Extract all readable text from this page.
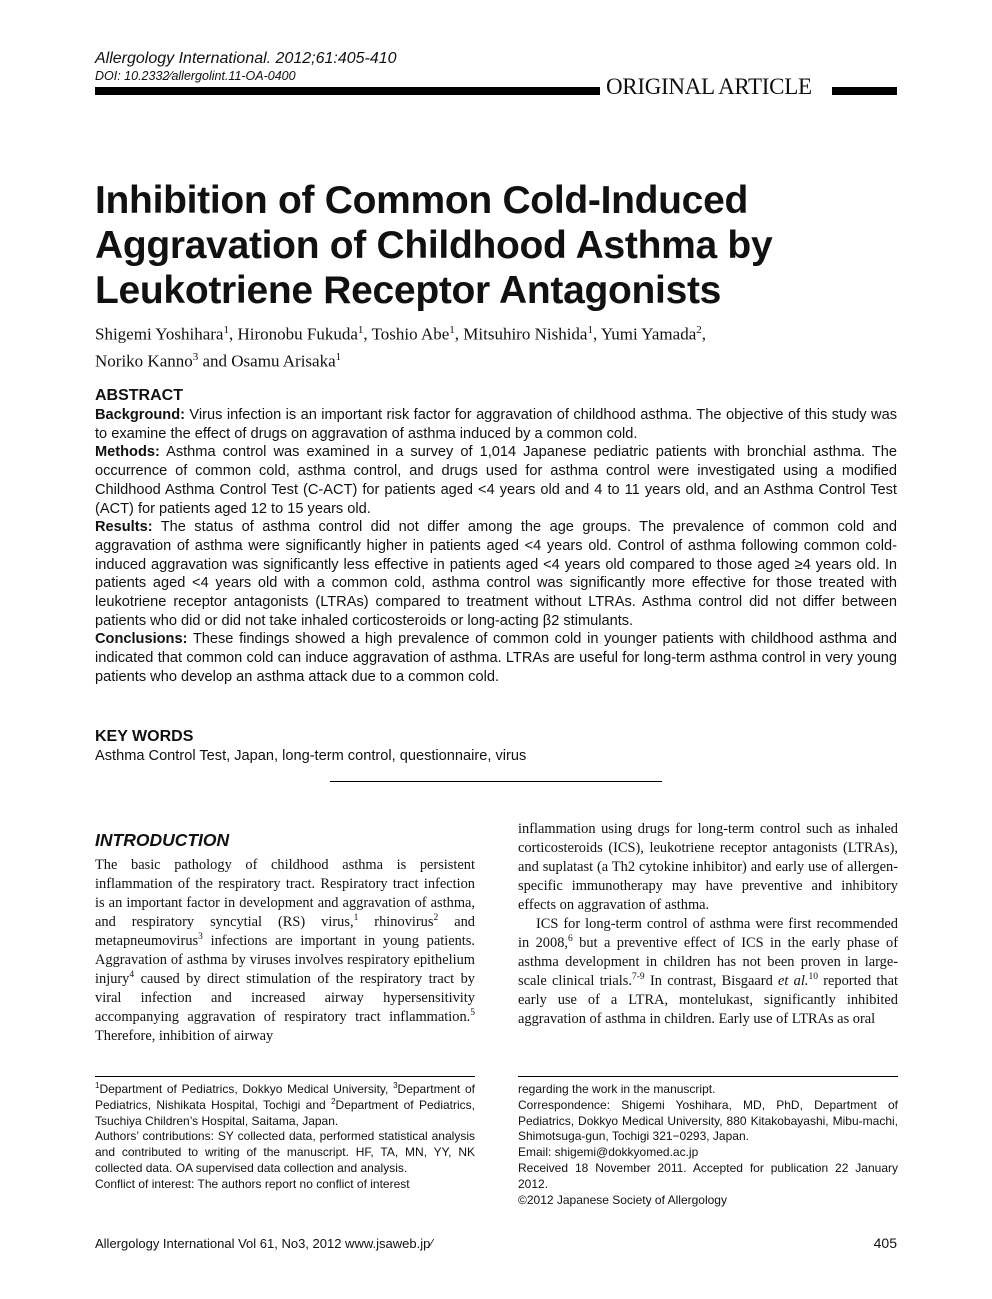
Allergology International. 2012;61:405-410
DOI: 10.2332⁄allergolint.11-OA-0400	ORIGINAL ARTICLE
Inhibition of Common Cold-Induced
Aggravation of Childhood Asthma by
Leukotriene Receptor Antagonists
Shigemi Yoshihara$^1$, Hironobu Fukuda$^1$, Toshio Abe$^1$, Mitsuhiro Nishida$^1$, Yumi Yamada$^2$,
Noriko Kanno$^3$ and Osamu Arisaka$^1$
ABSTRACT

Background: Virus infection is an important risk factor for aggravation of childhood asthma. The objective of this study was to examine the effect of drugs on aggravation of asthma induced by a common cold.

Methods: Asthma control was examined in a survey of 1,014 Japanese pediatric patients with bronchial asthma. The occurrence of common cold, asthma control, and drugs used for asthma control were investigated using a modified Childhood Asthma Control Test (C-ACT) for patients aged <4 years old and 4 to 11 years old, and an Asthma Control Test (ACT) for patients aged 12 to 15 years old.

Results: The status of asthma control did not differ among the age groups. The prevalence of common cold and aggravation of asthma were significantly higher in patients aged <4 years old. Control of asthma following common cold-induced aggravation was significantly less effective in patients aged <4 years old compared to those aged ≥4 years old. In patients aged <4 years old with a common cold, asthma control was significantly more effective for those treated with leukotriene receptor antagonists (LTRAs) compared to treatment without LTRAs. Asthma control did not differ between patients who did or did not take inhaled corticosteroids or long-acting β2 stimulants.

Conclusions: These findings showed a high prevalence of common cold in younger patients with childhood asthma and indicated that common cold can induce aggravation of asthma. LTRAs are useful for long-term asthma control in very young patients who develop an asthma attack due to a common cold.

KEY WORDS

Asthma Control Test, Japan, long-term control, questionnaire, virus

INTRODUCTION

The basic pathology of childhood asthma is persistent inflammation of the respiratory tract. Respiratory tract infection is an important factor in development and aggravation of asthma, and respiratory syncytial (RS) virus,$^1$ rhinovirus$^2$ and metapneumovirus$^3$ infections are important in young patients. Aggravation of asthma by viruses involves respiratory epithelium injury$^4$ caused by direct stimulation of the respiratory tract by viral infection and increased airway hypersensitivity accompanying aggravation of respiratory tract inflammation.$^5$ Therefore, inhibition of airway

inflammation using drugs for long-term control such as inhaled corticosteroids (ICS), leukotriene receptor antagonists (LTRAs), and suplatast (a Th2 cytokine inhibitor) and early use of allergen-specific immunotherapy may have preventive and inhibitory effects on aggravation of asthma.

ICS for long-term control of asthma were first recommended in 2008,$^6$ but a preventive effect of ICS in the early phase of asthma development in children has not been proven in large-scale clinical trials.$^{7-9}$ In contrast, Bisgaard et al.$^{10}$ reported that early use of a LTRA, montelukast, significantly inhibited aggravation of asthma in children. Early use of LTRAs as oral

$^1$Department of Pediatrics, Dokkyo Medical University, $^3$Department of Pediatrics, Nishikata Hospital, Tochigi and $^2$Department of Pediatrics, Tsuchiya Children’s Hospital, Saitama, Japan.

Authors’ contributions: SY collected data, performed statistical analysis and contributed to writing of the manuscript. HF, TA, MN, YY, NK collected data. OA supervised data collection and analysis.

Conflict of interest: The authors report no conflict of interest

regarding the work in the manuscript.

Correspondence: Shigemi Yoshihara, MD, PhD, Department of Pediatrics, Dokkyo Medical University, 880 Kitakobayashi, Mibu-machi, Shimotsuga-gun, Tochigi 321−0293, Japan.

Email: shigemi@dokkyomed.ac.jp

Received 18 November 2011. Accepted for publication 22 January 2012.

©2012 Japanese Society of Allergology

Allergology International Vol 61, No3, 2012 www.jsaweb.jp⁄	405
